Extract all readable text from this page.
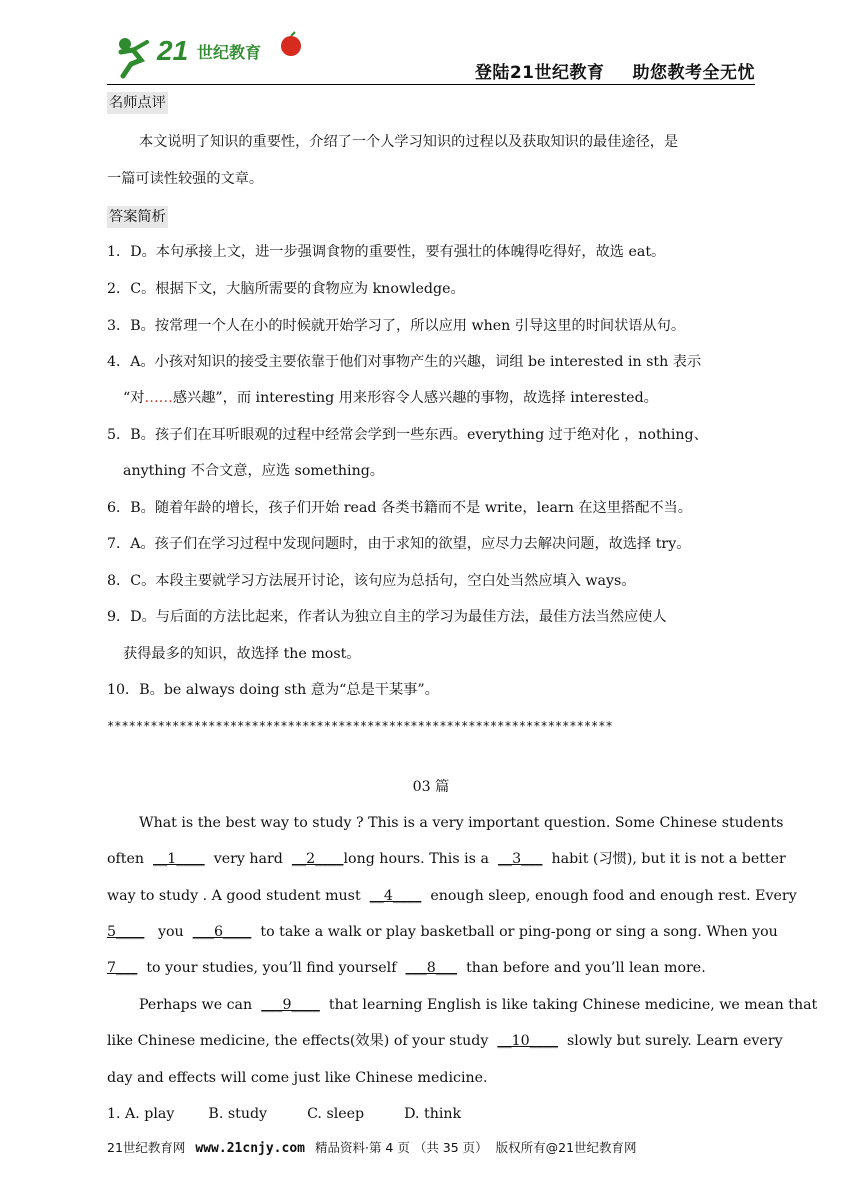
21 世纪教育
登陆21世纪教育 助您教考全无忧
名师点评
本文说明了知识的重要性，介绍了一个人学习知识的过程以及获取知识的最佳途径，是
一篇可读性较强的文章。
答案简析
1．D。本句承接上文，进一步强调食物的重要性，要有强壮的体魄得吃得好，故选 eat。
2．C。根据下文，大脑所需要的食物应为 knowledge。
3．B。按常理一个人在小的时候就开始学习了，所以应用 when 引导这里的时间状语从句。
4．A。小孩对知识的接受主要依靠于他们对事物产生的兴趣，词组 be interested in sth 表示
“对……感兴趣”，而 interesting 用来形容令人感兴趣的事物，故选择 interested。
5．B。孩子们在耳听眼观的过程中经常会学到一些东西。everything 过于绝对化 ，nothing、
anything 不合文意，应选 something。
6．B。随着年龄的增长，孩子们开始 read 各类书籍而不是 write，learn 在这里搭配不当。
7．A。孩子们在学习过程中发现问题时，由于求知的欲望，应尽力去解决问题，故选择 try。
8．C。本段主要就学习方法展开讨论，该句应为总括句，空白处当然应填入 ways。
9．D。与后面的方法比起来，作者认为独立自主的学习为最佳方法，最佳方法当然应使人
获得最多的知识，故选择 the most。
10．B。be always doing sth 意为“总是干某事”。
**********************************************************************
03 篇
What is the best way to study ? This is a very important question. Some Chinese students
often __1____ very hard __2____long hours. This is a __3___ habit (习惯), but it is not a better
way to study . A good student must __4____ enough sleep, enough food and enough rest. Every
5____ you ___6____ to take a walk or play basketball or ping-pong or sing a song. When you
7___ to your studies, you’ll find yourself ___8___ than before and you’ll lean more.
Perhaps we can ___9____ that learning English is like taking Chinese medicine, we mean that
like Chinese medicine, the effects(效果) of your study __10____ slowly but surely. Learn every
day and effects will come just like Chinese medicine.
1. A. play B. study	C. sleep	D. think
21世纪教育网 www.21cnjy.com 精品资料·第 4 页 （共 35 页） 版权所有@21世纪教育网
